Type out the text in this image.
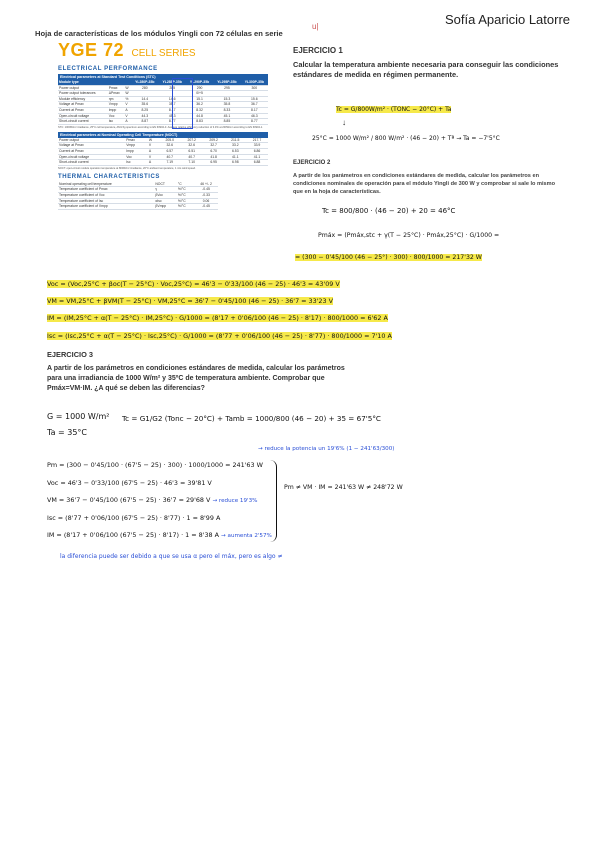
Sofía Aparicio Latorre
u|
Hoja de características de los módulos Yingli con 72 células en serie
YGE 72 CELL SERIES
ELECTRICAL PERFORMANCE
Electrical parameters at Standard Test Conditions (STC)
Module type			YL280P-35b	YL285P-35b	YL290P-35b	YL295P-35b	YL300P-35b
Power output	Pmax	W	280	285	290	295	300
Power output tolerances	ΔPmax	W			0/+5		
Module efficiency	ηm	%	14.4	14.6	15.1	15.3	15.6
Voltage at Pmax	Vmpp	V	35.6	35.7	36.2	35.8	36.7
Current at Pmax	Impp	A	8.25	8.17	8.32	8.33	8.17
Open-circuit voltage	Voc	V	44.3	45.3	44.8	45.1	46.3
Short-circuit current	Isc	A	8.87	8.77	8.83	8.85	8.77
STC: 1000W/m² irradiance, 25°C cell temperature, AM1.5g spectrum according to EN 60904-3. Average relative efficiency reduction of 3.3% at 200W/m² according to EN 60904-1.
Electrical parameters at Nominal Operating Cell Temperature (NOCT)
Power output	Pmax	W	205.0	207.2	209.2	211.5	217.7
Voltage at Pmax	Vmpp	V	32.6	32.6	32.7	33.2	33.9
Current at Pmax	Impp	A	6.57	6.51	6.70	6.53	6.86
Open-circuit voltage	Voc	V	40.7	40.7	41.8	41.1	41.1
Short-circuit current	Isc	A	7.19	7.10	6.95	6.98	6.88
NOCT: open-circuit module operation temperature at 800W/m² irradiance, 20°C ambient temperature, 1 m/s wind speed.
THERMAL CHARACTERISTICS
Nominal operating cell temperature	NOCT	°C	46 +/- 2
Temperature coefficient of Pmax	γ	%/°C	-0.45
Temperature coefficient of Voc	βVoc	%/°C	-0.33
Temperature coefficient of Isc	αIsc	%/°C	0.06
Temperature coefficient of Vmpp	βVmpp	%/°C	-0.45
EJERCICIO 1
Calcular la temperatura ambiente necesaria para conseguir las condiciones estándares de medida en régimen permanente.
Tc = G/800W/m² · (TONC − 20°C) + Ta
↓
25°C = 1000 W/m² / 800 W/m² · (46 − 20) + Tª → Ta = −7'5°C
EJERCICIO 2
A partir de los parámetros en condiciones estándares de medida, calcular los parámetros en condiciones nominales de operación para el módulo Yingli de 300 W y comprobar si sale lo mismo que en la hoja de características.
Tc = 800/800 · (46 − 20) + 20 = 46°C
Pmáx = (Pmáx,stc + γ(T − 25°C) · Pmáx,25°C) · G/1000 =
= (300 − 0'45/100 (46 − 25°) · 300) · 800/1000 = 217'32 W
Voc = (Voc,25°C + βoc(T − 25°C) · Voc,25°C) = 46'3 − 0'33/100 (46 − 25) · 46'3 = 43'09 V
VM = VM,25°C + βVM(T − 25°C) · VM,25°C = 36'7 − 0'45/100 (46 − 25) · 36'7 = 33'23 V
IM = (IM,25°C + α(T − 25°C) · IM,25°C) · G/1000 = (8'17 + 0'06/100 (46 − 25) · 8'17) · 800/1000 = 6'62 A
Isc = (Isc,25°C + α(T − 25°C) · Isc,25°C) · G/1000 = (8'77 + 0'06/100 (46 − 25) · 8'77) · 800/1000 = 7'10 A
EJERCICIO 3
A partir de los parámetros en condiciones estándares de medida, calcular los parámetros para una irradiancia de 1000 W/m² y 35ºC de temperatura ambiente. Comprobar que Pmáx=VM·IM. ¿A qué se deben las diferencias?
G = 1000 W/m²
Ta = 35°C
Tc = G1/G2 (Tonc − 20°C) + Tamb = 1000/800 (46 − 20) + 35 = 67'5°C
→ reduce la potencia un 19'6% (1 − 241'63/300)
Pm = (300 − 0'45/100 · (67'5 − 25) · 300) · 1000/1000 = 241'63 W
Voc = 46'3 − 0'33/100 (67'5 − 25) · 46'3 = 39'81 V
VM = 36'7 − 0'45/100 (67'5 − 25) · 36'7 = 29'68 V → reduce 19'3%
Isc = (8'77 + 0'06/100 (67'5 − 25) · 8'77) · 1 = 8'99 A
IM = (8'17 + 0'06/100 (67'5 − 25) · 8'17) · 1 = 8'38 A → aumenta 2'57%
Pm ≠ VM · IM = 241'63 W ≠ 248'72 W
la diferencia puede ser debido a que se usa α pero el máx, pero es algo ≠
